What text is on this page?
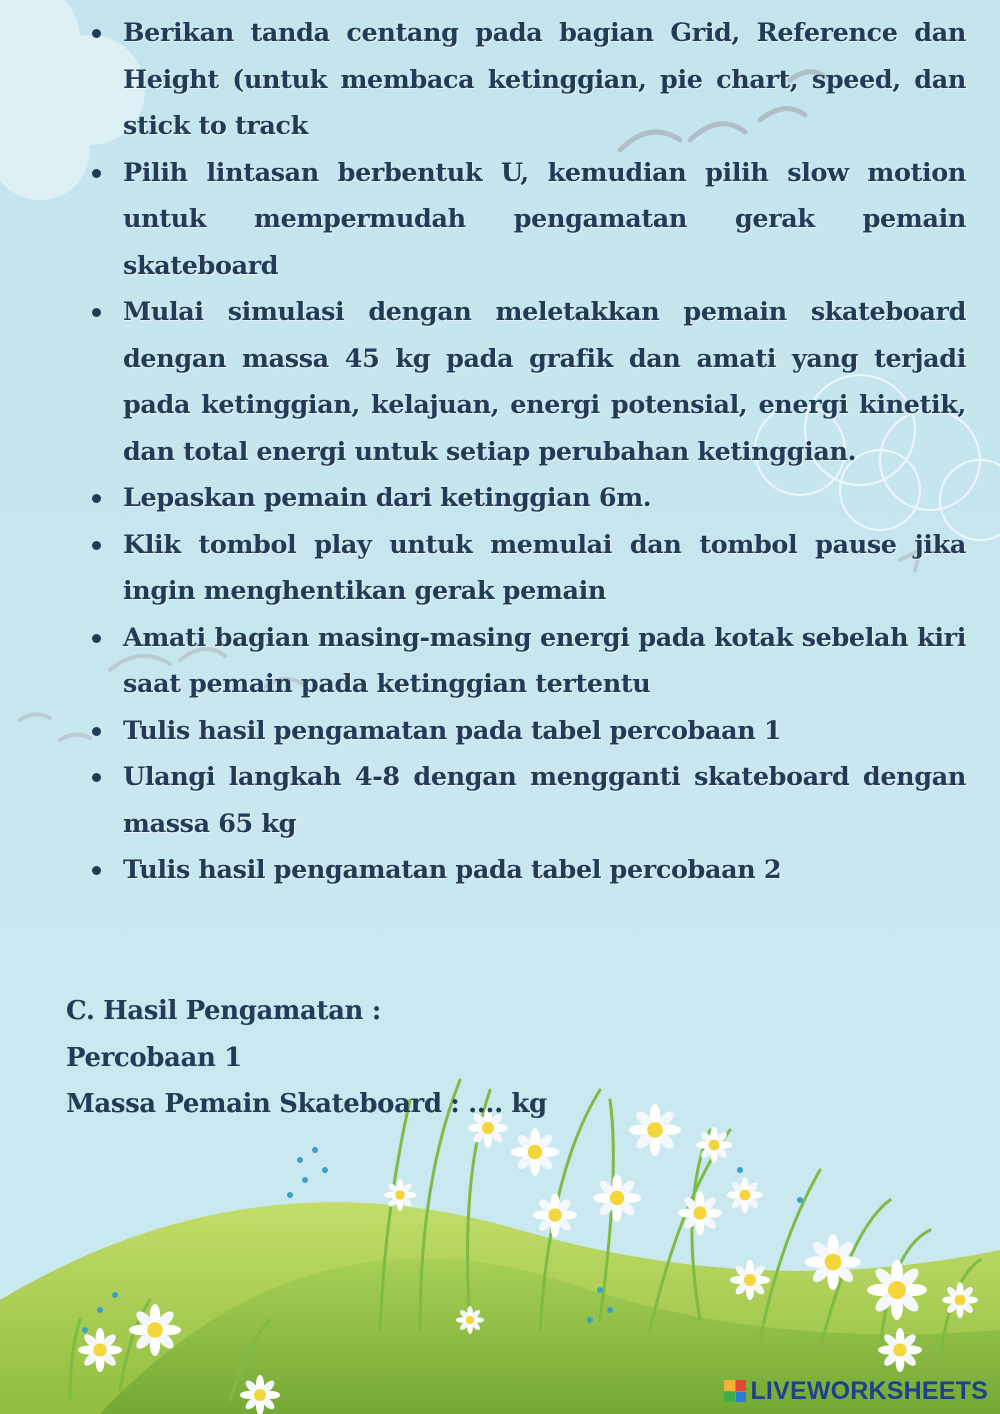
Berikan tanda centang pada bagian Grid, Reference dan Height (untuk membaca ketinggian, pie chart, speed, dan stick to track
Pilih lintasan berbentuk U, kemudian pilih slow motion untuk mempermudah pengamatan gerak pemain skateboard
Mulai simulasi dengan meletakkan pemain skateboard dengan massa 45 kg pada grafik dan amati yang terjadi pada ketinggian, kelajuan, energi potensial, energi kinetik, dan total energi untuk setiap perubahan ketinggian.
Lepaskan pemain dari ketinggian 6m.
Klik tombol play untuk memulai dan tombol pause jika ingin menghentikan gerak pemain
Amati bagian masing-masing energi pada kotak sebelah kiri saat pemain pada ketinggian tertentu
Tulis hasil pengamatan pada tabel percobaan 1
Ulangi langkah 4-8 dengan mengganti skateboard dengan massa 65 kg
Tulis hasil pengamatan pada tabel percobaan 2
C. Hasil Pengamatan :
Percobaan 1
Massa Pemain Skateboard : .... kg
LIVEWORKSHEETS
